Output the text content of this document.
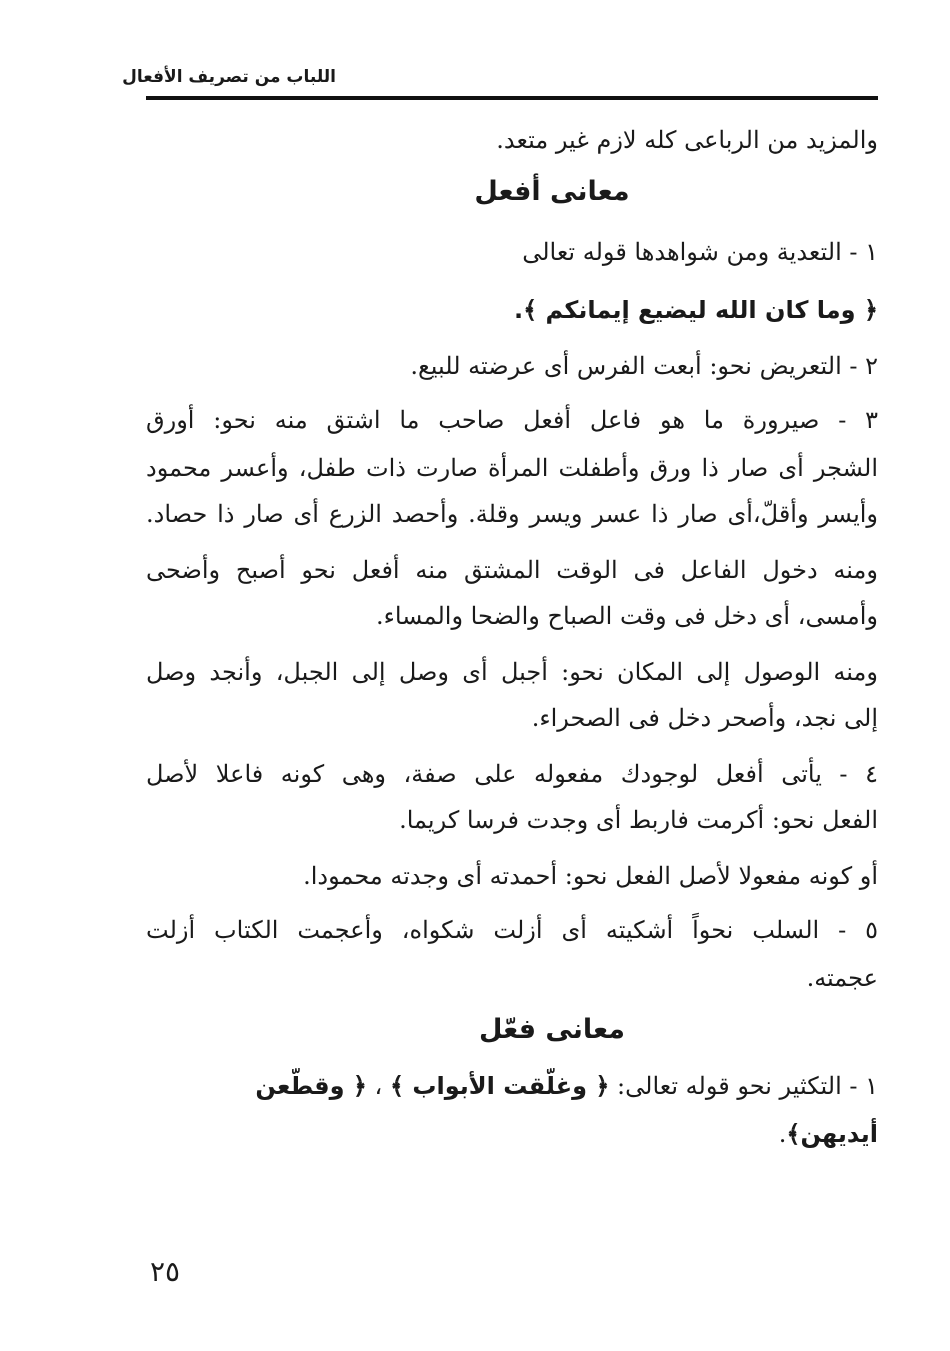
اللباب من تصريف الأفعال
والمزيد من الرباعى كله لازم غير متعد.
معانى أفعل
١ - التعدية ومن شواهدها قوله تعالى
﴿ وما كان الله ليضيع إيمانكم ﴾.
٢ - التعريض نحو: أبعت الفرس أى عرضته للبيع.
٣ - صيرورة ما هو فاعل أفعل صاحب ما اشتق منه نحو: أورق
الشجر أى صار ذا ورق وأطفلت المرأة صارت ذات طفل، وأعسر محمود
وأيسر وأقلّ،أى صار ذا عسر ويسر وقلة. وأحصد الزرع أى صار ذا حصاد.
ومنه دخول الفاعل فى الوقت المشتق منه أفعل نحو أصبح وأضحى
وأمسى، أى دخل فى وقت الصباح والضحا والمساء.
ومنه الوصول إلى المكان نحو: أجبل أى وصل إلى الجبل، وأنجد وصل
إلى نجد، وأصحر دخل فى الصحراء.
٤ - يأتى أفعل لوجودك مفعوله على صفة، وهى كونه فاعلا لأصل
الفعل نحو: أكرمت فاربط أى وجدت فرسا كريما.
أو كونه مفعولا لأصل الفعل نحو: أحمدته أى وجدته محمودا.
٥ - السلب نحواً أشكيته أى أزلت شكواه، وأعجمت الكتاب أزلت
عجمته.
معانى فعّل
١ - التكثير نحو قوله تعالى: ﴿ وغلّقت الأبواب ﴾ ، ﴿ وقطّعن
أيديهن﴾.
٢٥
